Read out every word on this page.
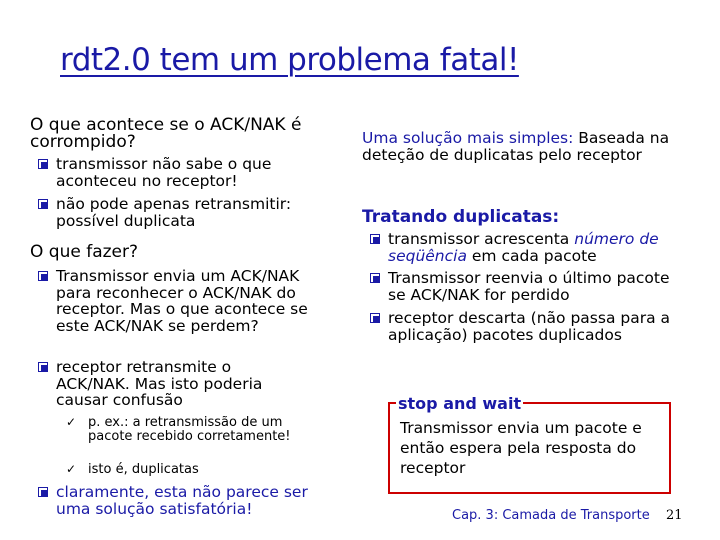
rdt2.0 tem um problema fatal!
O que acontece se o ACK/NAK é corrompido?
transmissor não sabe o que aconteceu no receptor!
não pode apenas retransmitir: possível duplicata
O que fazer?
Transmissor envia um ACK/NAK para reconhecer o ACK/NAK do receptor. Mas o que acontece se este ACK/NAK se perdem?
receptor retransmite o ACK/NAK. Mas isto poderia causar confusão
✓ p. ex.: a retransmissão de um pacote recebido corretamente!
✓ isto é, duplicatas
claramente, esta não parece ser uma solução satisfatória!
Uma solução mais simples: Baseada na deteção de duplicatas pelo receptor
Tratando duplicatas:
transmissor acrescenta número de seqüência em cada pacote
Transmissor reenvia o último pacote se ACK/NAK for perdido
receptor descarta (não passa para a aplicação) pacotes duplicados
stop and wait
Transmissor envia um pacote e então espera pela resposta do receptor
Cap. 3: Camada de Transporte 21
